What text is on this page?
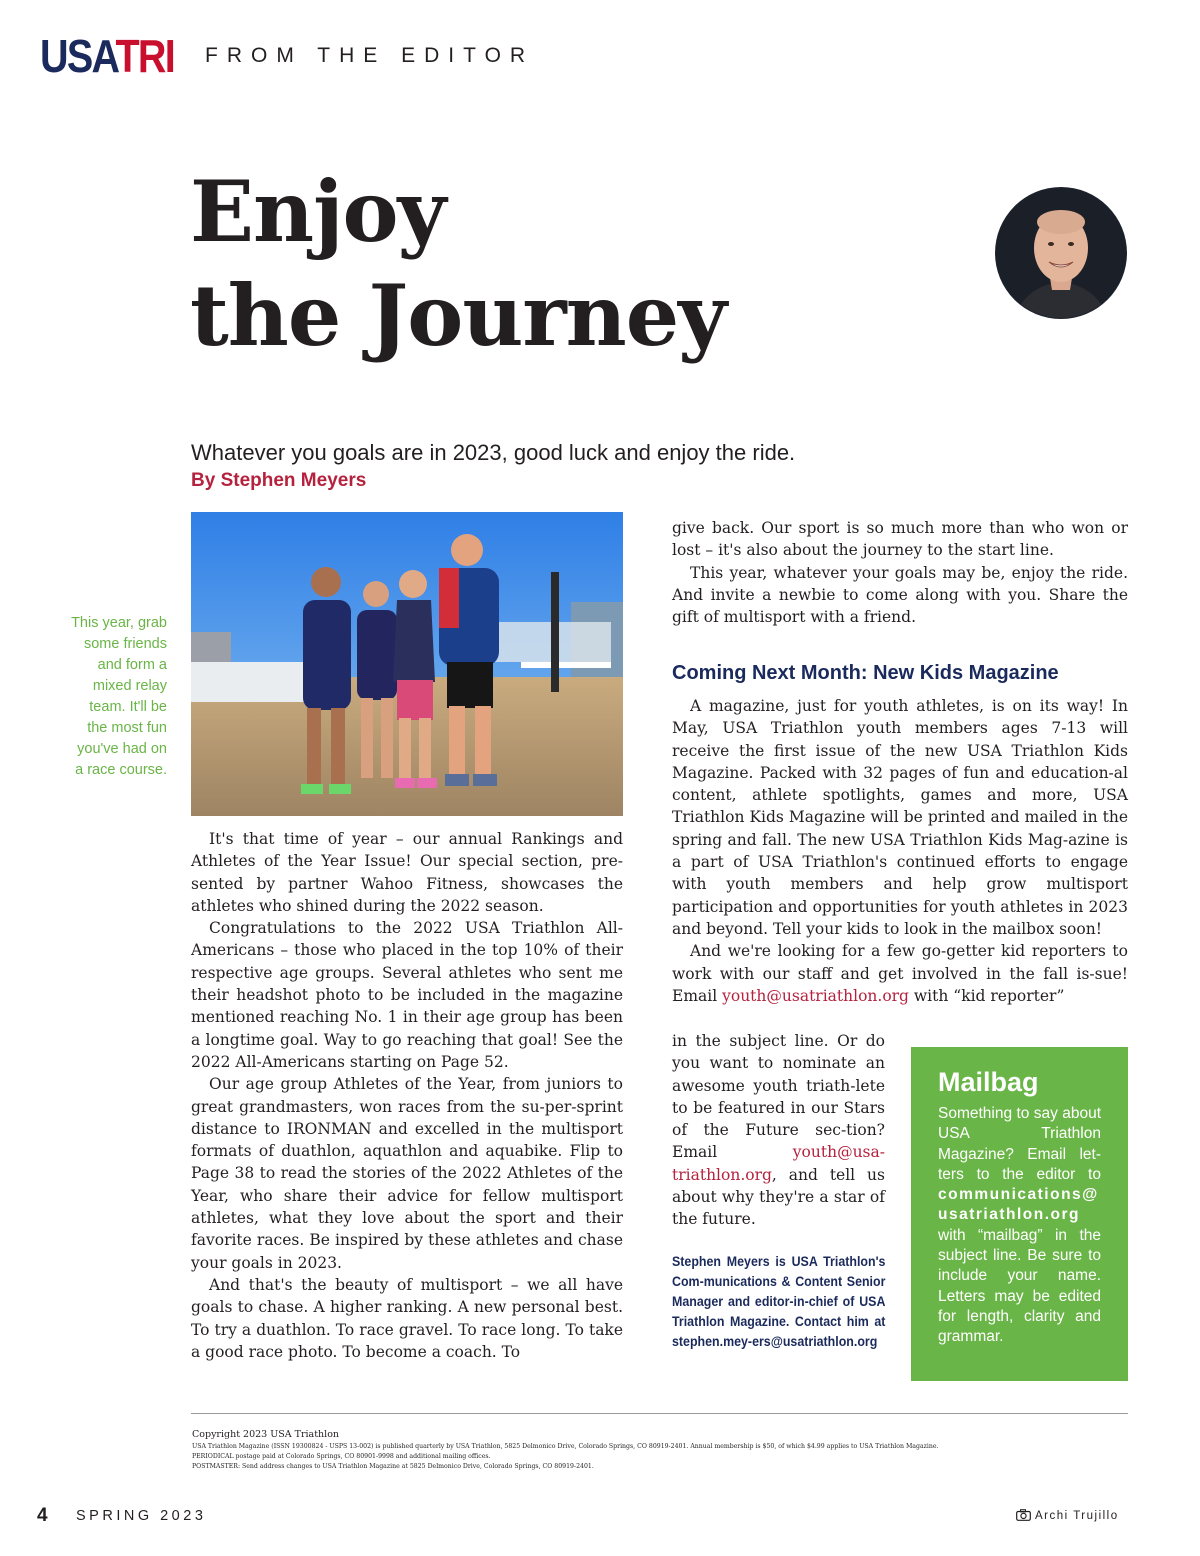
USATRI FROM THE EDITOR
Enjoy
the Journey
Whatever you goals are in 2023, good luck and enjoy the ride.
By Stephen Meyers
This year, grab some friends and form a mixed relay team. It'll be the most fun you've had on a race course.

It's that time of year – our annual Rankings and Athletes of the Year Issue! Our special section, pre-sented by partner Wahoo Fitness, showcases the athletes who shined during the 2022 season.

Congratulations to the 2022 USA Triathlon All-Americans – those who placed in the top 10% of their respective age groups. Several athletes who sent me their headshot photo to be included in the magazine mentioned reaching No. 1 in their age group has been a longtime goal. Way to go reaching that goal! See the 2022 All-Americans starting on Page 52.

Our age group Athletes of the Year, from juniors to great grandmasters, won races from the su-per-sprint distance to IRONMAN and excelled in the multisport formats of duathlon, aquathlon and aquabike. Flip to Page 38 to read the stories of the 2022 Athletes of the Year, who share their advice for fellow multisport athletes, what they love about the sport and their favorite races. Be inspired by these athletes and chase your goals in 2023.

And that's the beauty of multisport – we all have goals to chase. A higher ranking. A new personal best. To try a duathlon. To race gravel. To race long. To take a good race photo. To become a coach. To

give back. Our sport is so much more than who won or lost – it's also about the journey to the start line.

This year, whatever your goals may be, enjoy the ride. And invite a newbie to come along with you. Share the gift of multisport with a friend.

Coming Next Month: New Kids Magazine

A magazine, just for youth athletes, is on its way! In May, USA Triathlon youth members ages 7-13 will receive the first issue of the new USA Triathlon Kids Magazine. Packed with 32 pages of fun and education-al content, athlete spotlights, games and more, USA Triathlon Kids Magazine will be printed and mailed in the spring and fall. The new USA Triathlon Kids Mag-azine is a part of USA Triathlon's continued efforts to engage with youth members and help grow multisport participation and opportunities for youth athletes in 2023 and beyond. Tell your kids to look in the mailbox soon!

And we're looking for a few go-getter kid reporters to work with our staff and get involved in the fall is-sue! Email youth@usatriathlon.org with “kid reporter”

in the subject line. Or do you want to nominate an awesome youth triath-lete to be featured in our Stars of the Future sec-tion? Email youth@usa-triathlon.org, and tell us about why they're a star of the future.

Stephen Meyers is USA Triathlon's Com-munications & Content Senior Manager and editor-in-chief of USA Triathlon Magazine. Contact him at stephen.mey-ers@usatriathlon.org
Mailbag
Something to say about USA Triathlon Magazine? Email let-ters to the editor to communications@ usatriathlon.org with “mailbag” in the subject line. Be sure to include your name. Letters may be edited for length, clarity and grammar.
Copyright 2023 USA Triathlon
USA Triathlon Magazine (ISSN 19300824 - USPS 13-002) is published quarterly by USA Triathlon, 5825 Delmonico Drive, Colorado Springs, CO 80919-2401. Annual membership is $50, of which $4.99 applies to USA Triathlon Magazine.
PERIODICAL postage paid at Colorado Springs, CO 80901-9998 and additional mailing offices.
POSTMASTER: Send address changes to USA Triathlon Magazine at 5825 Delmonico Drive, Colorado Springs, CO 80919-2401.
4 SPRING 2023	Archi Trujillo
